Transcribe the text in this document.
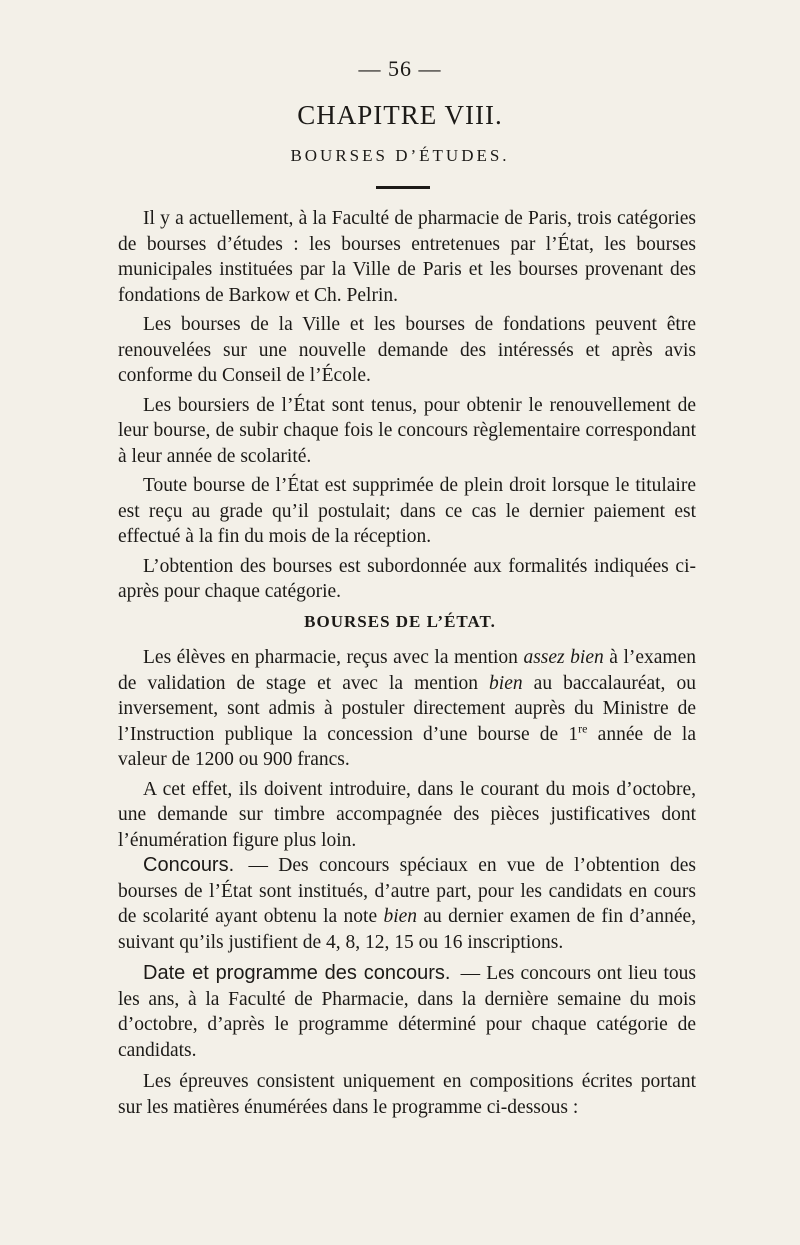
— 56 —
CHAPITRE VIII.
BOURSES D’ÉTUDES.

Il y a actuellement, à la Faculté de pharmacie de Paris, trois catégories de bourses d’études : les bourses entretenues par l’État, les bourses municipales instituées par la Ville de Paris et les bourses provenant des fondations de Barkow et Ch. Pelrin.

Les bourses de la Ville et les bourses de fondations peuvent être renouvelées sur une nouvelle demande des intéressés et après avis conforme du Conseil de l’École.

Les boursiers de l’État sont tenus, pour obtenir le renouvellement de leur bourse, de subir chaque fois le concours règlementaire correspondant à leur année de scolarité.

Toute bourse de l’État est supprimée de plein droit lorsque le titulaire est reçu au grade qu’il postulait; dans ce cas le dernier paiement est effectué à la fin du mois de la réception.

L’obtention des bourses est subordonnée aux formalités indiquées ci-après pour chaque catégorie.

BOURSES DE L’ÉTAT.

Les élèves en pharmacie, reçus avec la mention assez bien à l’examen de validation de stage et avec la mention bien au baccalauréat, ou inversement, sont admis à postuler directement auprès du Ministre de l’Instruction publique la concession d’une bourse de 1re année de la valeur de 1200 ou 900 francs.

A cet effet, ils doivent introduire, dans le courant du mois d’octobre, une demande sur timbre accompagnée des pièces justificatives dont l’énumération figure plus loin.

Concours. — Des concours spéciaux en vue de l’obtention des bourses de l’État sont institués, d’autre part, pour les candidats en cours de scolarité ayant obtenu la note bien au dernier examen de fin d’année, suivant qu’ils justifient de 4, 8, 12, 15 ou 16 inscriptions.

Date et programme des concours. — Les concours ont lieu tous les ans, à la Faculté de Pharmacie, dans la dernière semaine du mois d’octobre, d’après le programme déterminé pour chaque catégorie de candidats.

Les épreuves consistent uniquement en compositions écrites portant sur les matières énumérées dans le programme ci-dessous :
